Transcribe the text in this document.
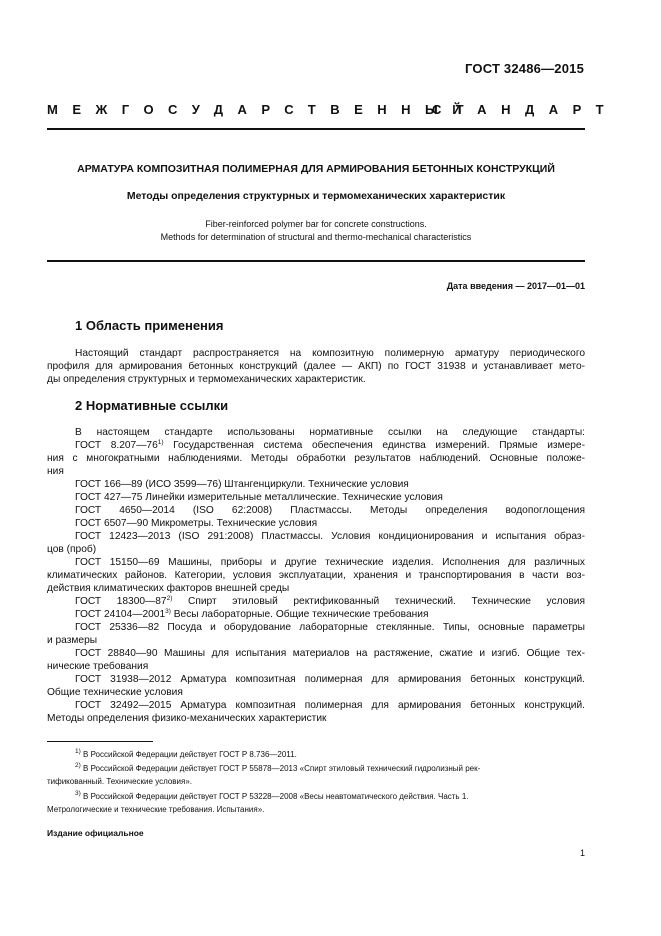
ГОСТ 32486—2015
МЕЖГОСУДАРСТВЕННЫЙ
СТАНДАРТ
АРМАТУРА КОМПОЗИТНАЯ ПОЛИМЕРНАЯ ДЛЯ АРМИРОВАНИЯ БЕТОННЫХ КОНСТРУКЦИЙ
Методы определения структурных и термомеханических характеристик
Fiber-reinforced polymer bar for concrete constructions.
Methods for determination of structural and thermo-mechanical characteristics
Дата введения — 2017—01—01
1 Область применения
Настоящий стандарт распространяется на композитную полимерную арматуру периодического
профиля для армирования бетонных конструкций (далее — АКП) по ГОСТ 31938 и устанавливает мето-
ды определения структурных и термомеханических характеристик.
2 Нормативные ссылки
В настоящем стандарте использованы нормативные ссылки на следующие стандарты:
ГОСТ 8.207—76$^{1)}$ Государственная система обеспечения единства измерений. Прямые измере-
ния с многократными наблюдениями. Методы обработки результатов наблюдений. Основные положе-
ния
ГОСТ 166—89 (ИСО 3599—76) Штангенциркули. Технические условия
ГОСТ 427—75 Линейки измерительные металлические. Технические условия
ГОСТ 4650—2014 (ISO 62:2008) Пластмассы. Методы определения водопоглощения
ГОСТ 6507—90 Микрометры. Технические условия
ГОСТ 12423—2013 (ISO 291:2008) Пластмассы. Условия кондиционирования и испытания образ-
цов (проб)
ГОСТ 15150—69 Машины, приборы и другие технические изделия. Исполнения для различных
климатических районов. Категории, условия эксплуатации, хранения и транспортирования в части воз-
действия климатических факторов внешней среды
ГОСТ 18300—87$^{2)}$ Спирт этиловый ректификованный технический. Технические условия
ГОСТ 24104—2001$^{3)}$ Весы лабораторные. Общие технические требования
ГОСТ 25336—82 Посуда и оборудование лабораторные стеклянные. Типы, основные параметры
и размеры
ГОСТ 28840—90 Машины для испытания материалов на растяжение, сжатие и изгиб. Общие тех-
нические требования
ГОСТ 31938—2012 Арматура композитная полимерная для армирования бетонных конструкций.
Общие технические условия
ГОСТ 32492—2015 Арматура композитная полимерная для армирования бетонных конструкций.
Методы определения физико-механических характеристик
$^{1)}$ В Российской Федерации действует ГОСТ Р 8.736—2011.
$^{2)}$ В Российской Федерации действует ГОСТ Р 55878—2013 «Спирт этиловый технический гидролизный рек-
тификованный. Технические условия».
$^{3)}$ В Российской Федерации действует ГОСТ Р 53228—2008 «Весы неавтоматического действия. Часть 1.
Метрологические и технические требования. Испытания».
Издание официальное
1
